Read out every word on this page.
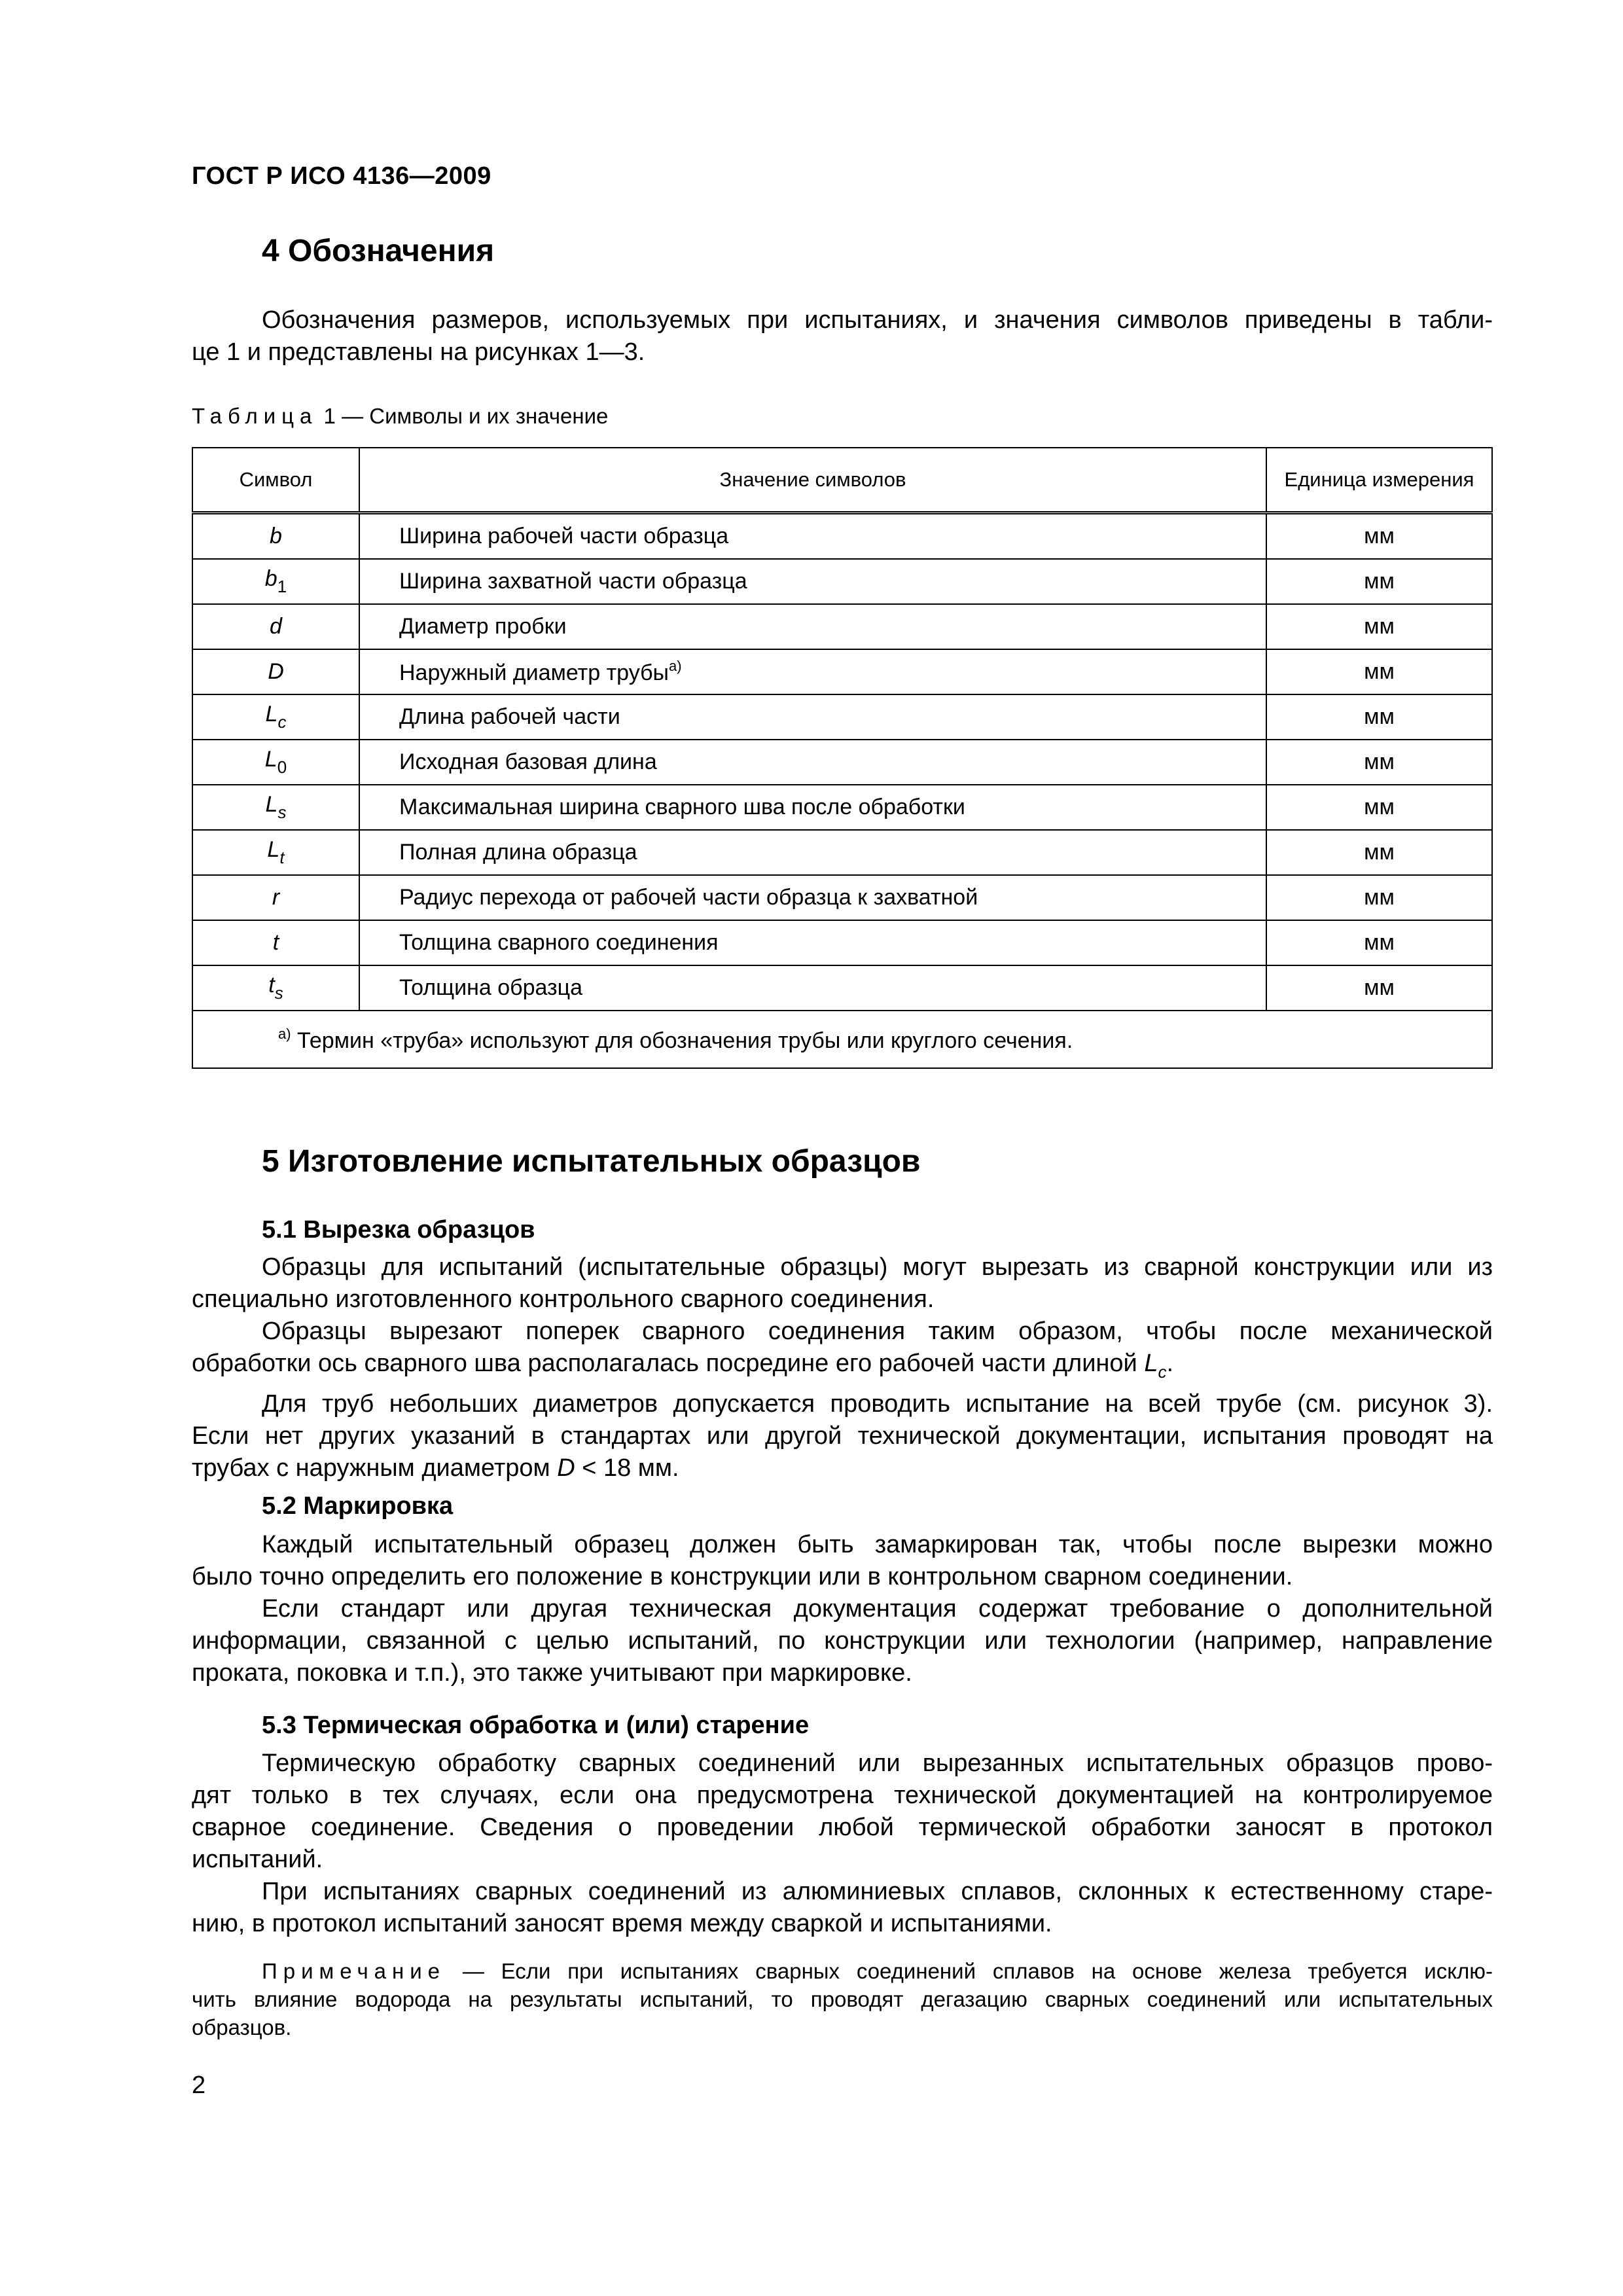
ГОСТ Р ИСО 4136—2009
4 Обозначения
Обозначения размеров, используемых при испытаниях, и значения символов приведены в табли-
це 1 и представлены на рисунках 1—3.
Таблица 1 — Символы и их значение
Символ	Значение символов	Единица измерения
b	Ширина рабочей части образца	мм
$b_1$	Ширина захватной части образца	мм
d	Диаметр пробки	мм
D	Наружный диаметр трубы$^{а)}$	мм
$L_c$	Длина рабочей части	мм
$L_0$	Исходная базовая длина	мм
$L_s$	Максимальная ширина сварного шва после обработки	мм
$L_t$	Полная длина образца	мм
r	Радиус перехода от рабочей части образца к захватной	мм
t	Толщина сварного соединения	мм
$t_s$	Толщина образца	мм
$^{а)}$ Термин «труба» используют для обозначения трубы или круглого сечения.		
5 Изготовление испытательных образцов
5.1 Вырезка образцов
Образцы для испытаний (испытательные образцы) могут вырезать из сварной конструкции или из
специально изготовленного контрольного сварного соединения.
Образцы вырезают поперек сварного соединения таким образом, чтобы после механической
обработки ось сварного шва располагалась посредине его рабочей части длиной $L_c$.
Для труб небольших диаметров допускается проводить испытание на всей трубе (см. рисунок 3).
Если нет других указаний в стандартах или другой технической документации, испытания проводят на
трубах с наружным диаметром D < 18 мм.
5.2 Маркировка
Каждый испытательный образец должен быть замаркирован так, чтобы после вырезки можно
было точно определить его положение в конструкции или в контрольном сварном соединении.
Если стандарт или другая техническая документация содержат требование о дополнительной
информации, связанной с целью испытаний, по конструкции или технологии (например, направление
проката, поковка и т.п.), это также учитывают при маркировке.
5.3 Термическая обработка и (или) старение
Термическую обработку сварных соединений или вырезанных испытательных образцов прово-
дят только в тех случаях, если она предусмотрена технической документацией на контролируемое
сварное соединение. Сведения о проведении любой термической обработки заносят в протокол
испытаний.
При испытаниях сварных соединений из алюминиевых сплавов, склонных к естественному старе-
нию, в протокол испытаний заносят время между сваркой и испытаниями.
Примечание — Если при испытаниях сварных соединений сплавов на основе железа требуется исклю-
чить влияние водорода на результаты испытаний, то проводят дегазацию сварных соединений или испытательных
образцов.
2
